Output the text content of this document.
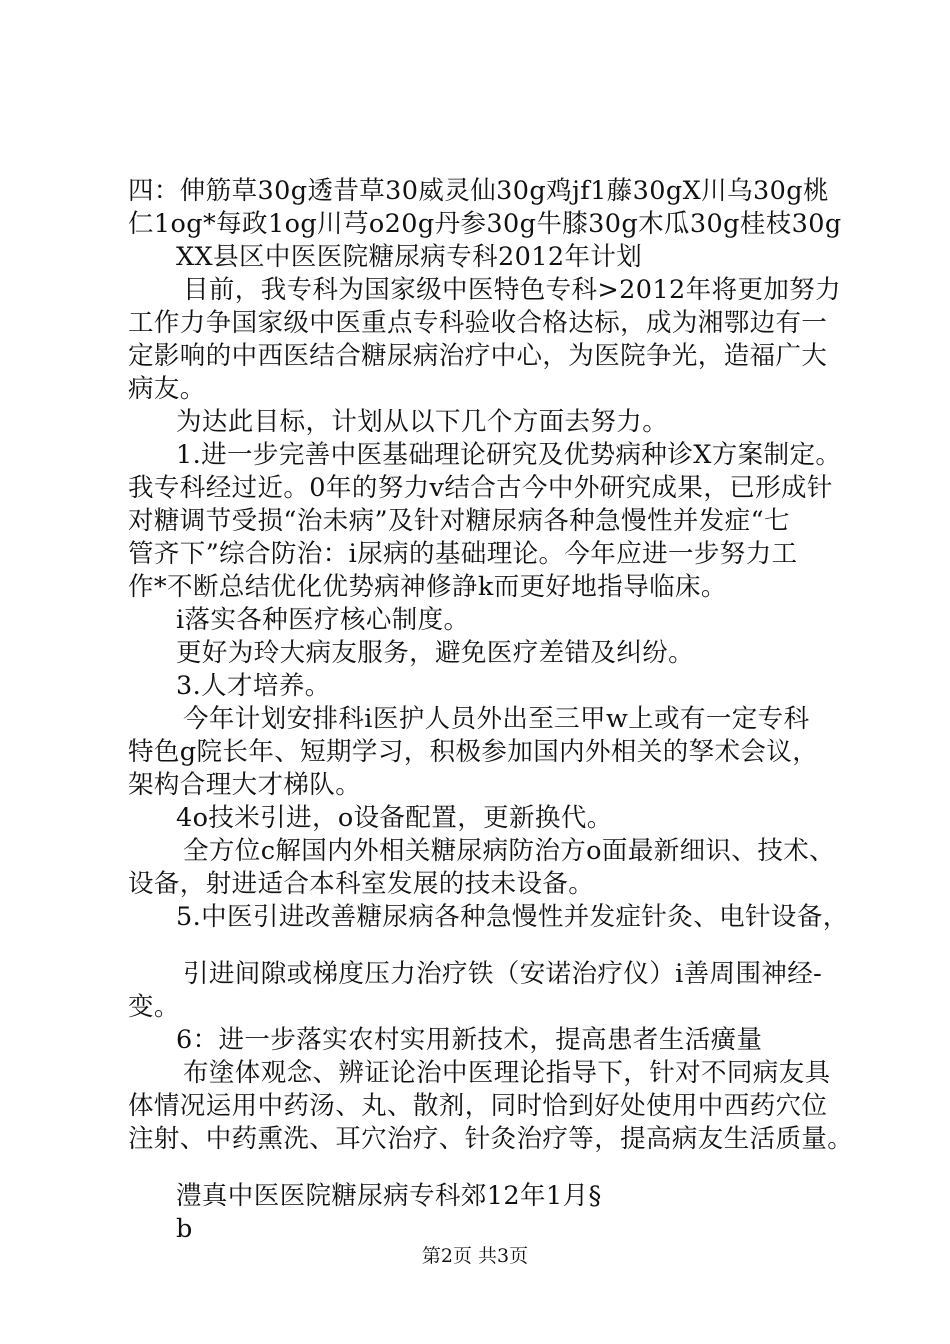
四：伸筋草30g透昔草30威灵仙30g鸡jf1藤30gX川乌30g桃
仁1og*每政1og川芎o20g丹参30g牛膝30g木瓜30g桂枝30g
XX县区中医医院糖尿病专科2012年计划
目前，我专科为国家级中医特色专科>2012年将更加努力
工作力争国家级中医重点专科验收合格达标，成为湘鄂边有一
定影响的中西医结合糖尿病治疗中心，为医院争光，造福广大
病友。
为达此目标，计划从以下几个方面去努力。
1.进一步完善中医基础理论研究及优势病种诊X方案制定。
我专科经过近。0年的努力v结合古今中外研究成果，已形成针
对糖调节受损“治未病”及针对糖尿病各种急慢性并发症“七
管齐下”综合防治：i尿病的基础理论。今年应进一步努力工
作*不断总结优化优势病神修諍k而更好地指导临床。
i落实各种医疗核心制度。
更好为玲大病友服务，避免医疗差错及纠纷。
3.人才培养。
今年计划安排科i医护人员外出至三甲w上或有一定专科
特色g院长年、短期学习，积极参加国内外相关的孥术会议，
架构合理大才梯队。
4o技米引进，o设备配置，更新换代。
全方位c解国内外相关糖尿病防治方o面最新细识、技术、
设备，射进适合本科室发展的技未设备。
5.中医引进改善糖尿病各种急慢性并发症针灸、电针设备，
引进间隙或梯度压力治疗铁（安诺治疗仪）i善周围神经-
变。
6：进一步落实农村实用新技术，提高患者生活癀量
布塗体观念、辨证论治中医理论指导下，针对不同病友具
体情况运用中药汤、丸、散剂，同时恰到好处使用中西药穴位
注射、中药熏洗、耳穴治疗、针灸治疗等，提高病友生活质量。
澧真中医医院糖尿病专科郊12年1月§
b
第2页 共3页
